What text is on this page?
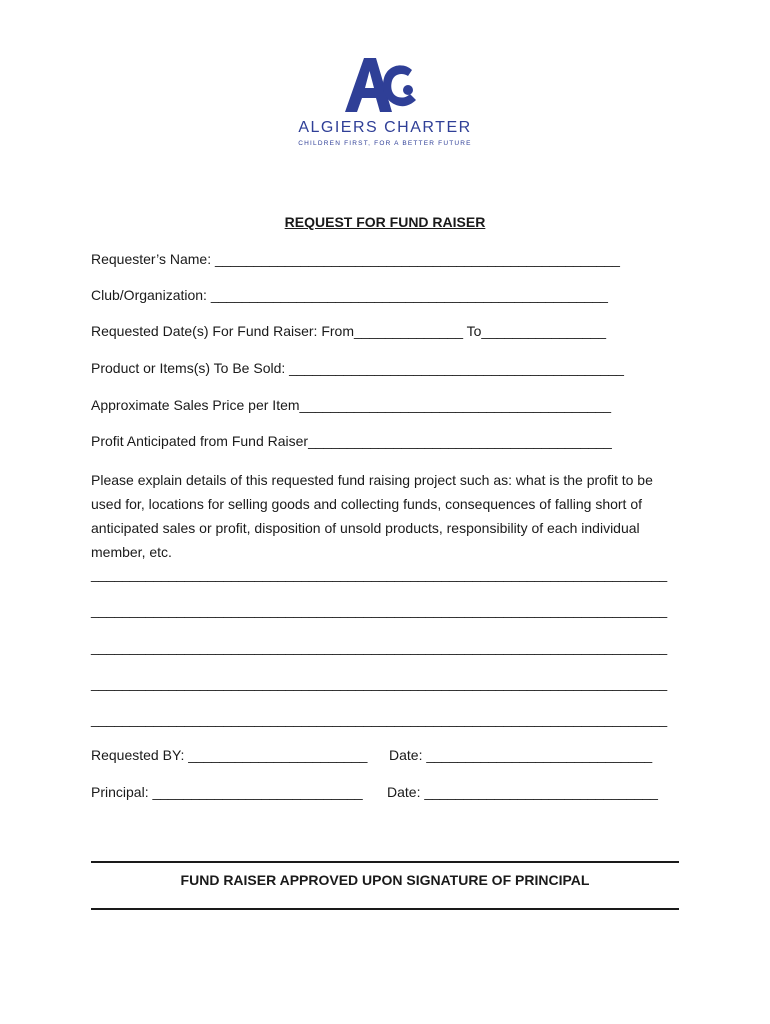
ALGIERS CHARTER
CHILDREN FIRST, FOR A BETTER FUTURE
REQUEST FOR FUND RAISER
Requester’s Name: ____________________________________________________
Club/Organization: ___________________________________________________
Requested Date(s) For Fund Raiser: From______________ To________________
Product or Items(s) To Be Sold: ___________________________________________
Approximate Sales Price per Item________________________________________
Profit Anticipated from Fund Raiser_______________________________________
Please explain details of this requested fund raising project such as: what is the profit to be used for, locations for selling goods and collecting funds, consequences of falling short of anticipated sales or profit, disposition of unsold products, responsibility of each individual member, etc.
__________________________________________________________________________
__________________________________________________________________________
__________________________________________________________________________
__________________________________________________________________________
__________________________________________________________________________
Requested BY: _______________________ Date: _____________________________
Principal: ___________________________ Date: ______________________________
FUND RAISER APPROVED UPON SIGNATURE OF PRINCIPAL
